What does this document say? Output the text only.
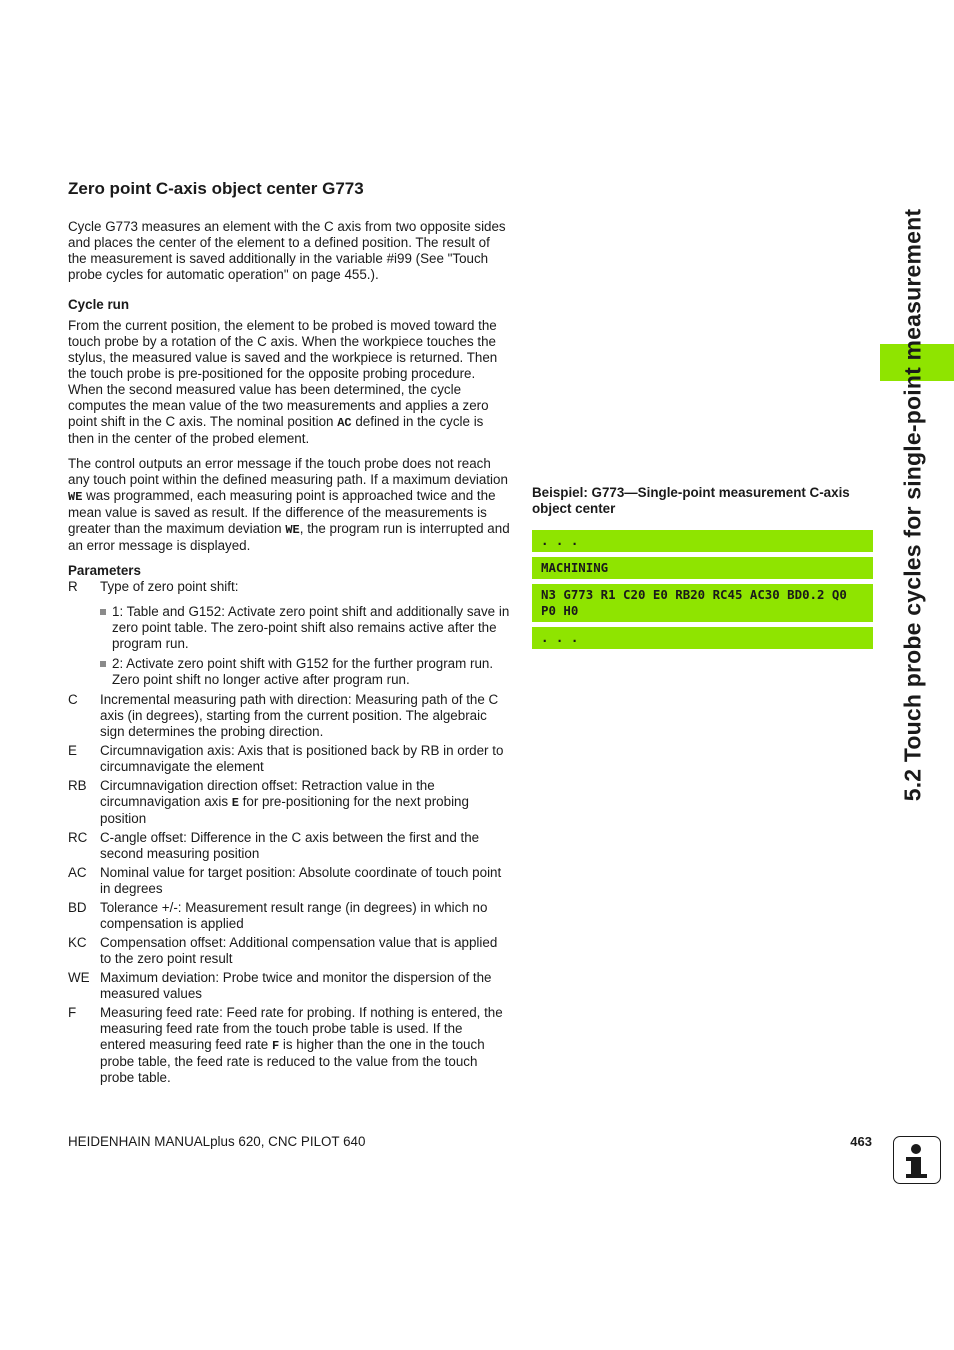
5.2 Touch probe cycles for single-point measurement
Zero point C-axis object center G773

Cycle G773 measures an element with the C axis from two opposite sides and places the center of the element to a defined position. The result of the measurement is saved additionally in the variable #i99 (See "Touch probe cycles for automatic operation" on page 455.).

Cycle run

From the current position, the element to be probed is moved toward the touch probe by a rotation of the C axis. When the workpiece touches the stylus, the measured value is saved and the workpiece is returned. Then the touch probe is pre-positioned for the opposite probing procedure. When the second measured value has been determined, the cycle computes the mean value of the two measurements and applies a zero point shift in the C axis. The nominal position AC defined in the cycle is then in the center of the probed element.

The control outputs an error message if the touch probe does not reach any touch point within the defined measuring path. If a maximum deviation WE was programmed, each measuring point is approached twice and the mean value is saved as result. If the difference of the measurements is greater than the maximum deviation WE, the program run is interrupted and an error message is displayed.

Parameters
R	Type of zero point shift:
1: Table and G152: Activate zero point shift and additionally save in zero point table. The zero-point shift also remains active after the program run.
2: Activate zero point shift with G152 for the further program run. Zero point shift no longer active after program run.
C	Incremental measuring path with direction: Measuring path of the C axis (in degrees), starting from the current position. The algebraic sign determines the probing direction.
E	Circumnavigation axis: Axis that is positioned back by RB in order to circumnavigate the element
RB Circumnavigation direction offset: Retraction value in the circumnavigation axis E for pre-positioning for the next probing position
RC C-angle offset: Difference in the C axis between the first and the second measuring position
AC Nominal value for target position: Absolute coordinate of touch point in degrees
BD Tolerance +/-: Measurement result range (in degrees) in which no compensation is applied
KC Compensation offset: Additional compensation value that is applied to the zero point result
WE Maximum deviation: Probe twice and monitor the dispersion of the measured values
F	Measuring feed rate: Feed rate for probing. If nothing is entered, the measuring feed rate from the touch probe table is used. If the entered measuring feed rate F is higher than the one in the touch probe table, the feed rate is reduced to the value from the touch probe table.
Beispiel: G773—Single-point measurement C-axis object center
. . .
MACHINING
N3 G773 R1 C20 E0 RB20 RC45 AC30 BD0.2 Q0 P0 H0
. . .
HEIDENHAIN MANUALplus 620, CNC PILOT 640	463
